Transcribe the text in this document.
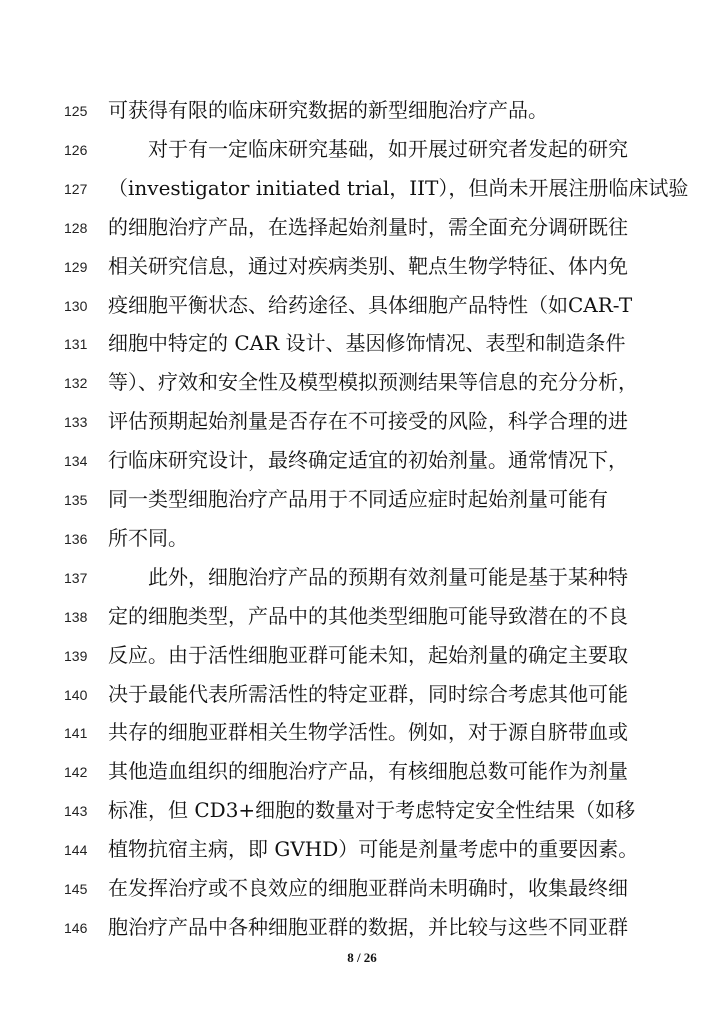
125	可获得有限的临床研究数据的新型细胞治疗产品。
126	对于有一定临床研究基础，如开展过研究者发起的研究
127	（investigator initiated trial，IIT），但尚未开展注册临床试验
128	的细胞治疗产品，在选择起始剂量时，需全面充分调研既往
129	相关研究信息，通过对疾病类别、靶点生物学特征、体内免
130	疫细胞平衡状态、给药途径、具体细胞产品特性（如CAR-T
131	细胞中特定的 CAR 设计、基因修饰情况、表型和制造条件
132	等）、疗效和安全性及模型模拟预测结果等信息的充分分析，
133	评估预期起始剂量是否存在不可接受的风险，科学合理的进
134	行临床研究设计，最终确定适宜的初始剂量。通常情况下，
135	同一类型细胞治疗产品用于不同适应症时起始剂量可能有
136	所不同。
137	此外，细胞治疗产品的预期有效剂量可能是基于某种特
138	定的细胞类型，产品中的其他类型细胞可能导致潜在的不良
139	反应。由于活性细胞亚群可能未知，起始剂量的确定主要取
140	决于最能代表所需活性的特定亚群，同时综合考虑其他可能
141	共存的细胞亚群相关生物学活性。例如，对于源自脐带血或
142	其他造血组织的细胞治疗产品，有核细胞总数可能作为剂量
143	标准，但 CD3+细胞的数量对于考虑特定安全性结果（如移
144	植物抗宿主病，即 GVHD）可能是剂量考虑中的重要因素。
145	在发挥治疗或不良效应的细胞亚群尚未明确时，收集最终细
146	胞治疗产品中各种细胞亚群的数据，并比较与这些不同亚群
8 / 26
